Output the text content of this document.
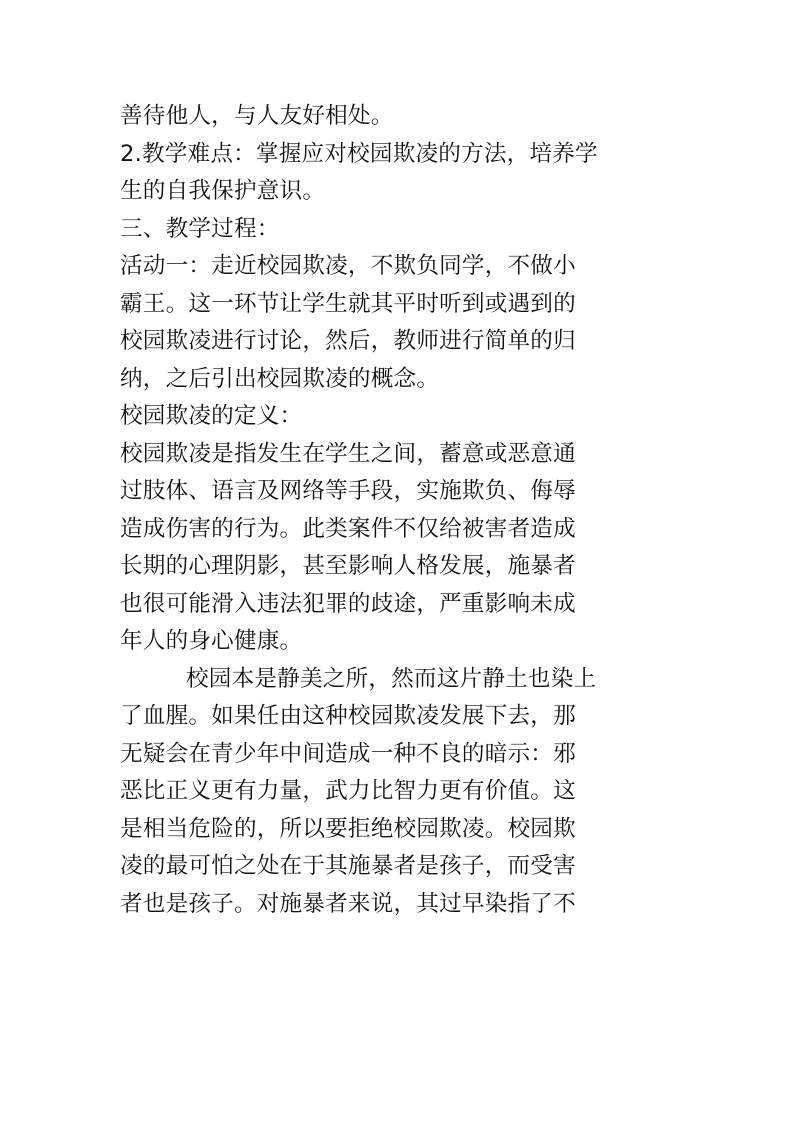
善待他人，与人友好相处。
2.教学难点：掌握应对校园欺凌的方法，培养学
生的自我保护意识。
三、教学过程：
活动一：走近校园欺凌，不欺负同学，不做小
霸王。这一环节让学生就其平时听到或遇到的
校园欺凌进行讨论，然后，教师进行简单的归
纳，之后引出校园欺凌的概念。
校园欺凌的定义：
校园欺凌是指发生在学生之间，蓄意或恶意通
过肢体、语言及网络等手段，实施欺负、侮辱
造成伤害的行为。此类案件不仅给被害者造成
长期的心理阴影，甚至影响人格发展，施暴者
也很可能滑入违法犯罪的歧途，严重影响未成
年人的身心健康。
校园本是静美之所，然而这片静土也染上
了血腥。如果任由这种校园欺凌发展下去，那
无疑会在青少年中间造成一种不良的暗示：邪
恶比正义更有力量，武力比智力更有价值。这
是相当危险的，所以要拒绝校园欺凌。校园欺
凌的最可怕之处在于其施暴者是孩子，而受害
者也是孩子。对施暴者来说，其过早染指了不
